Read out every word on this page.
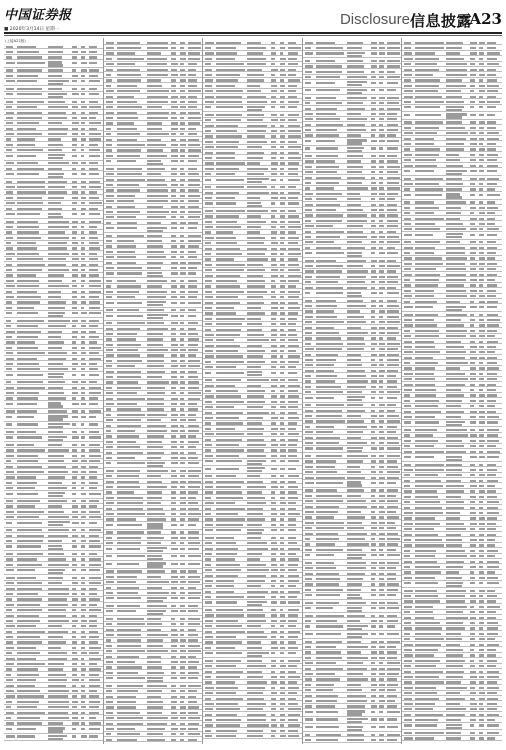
中国证券报
■ 2020年3月14日 星期一
Disclosure 信息披露
A23
(上接A22版)
